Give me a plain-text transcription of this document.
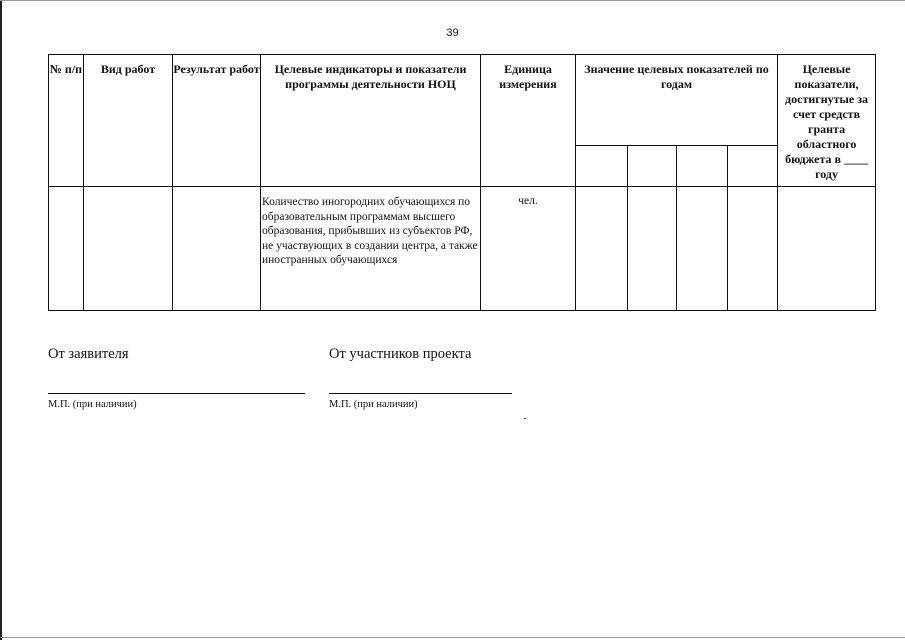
39
№ п/п	Вид работ	Результат работ	Целевые индикаторы и показатели программы деятельности НОЦ	Единица измерения	Значение целевых показателей по годам				Целевые показатели, достигнутые за счет средств гранта областного бюджета в ____ году

			Количество иногородних обучающихся по образовательным программам высшего образования, прибывших из субъектов РФ, не участвующих в создании центра, а также иностранных обучающихся	чел.					
От заявителя
М.П. (при наличии)
От участников проекта
М.П. (при наличии)
